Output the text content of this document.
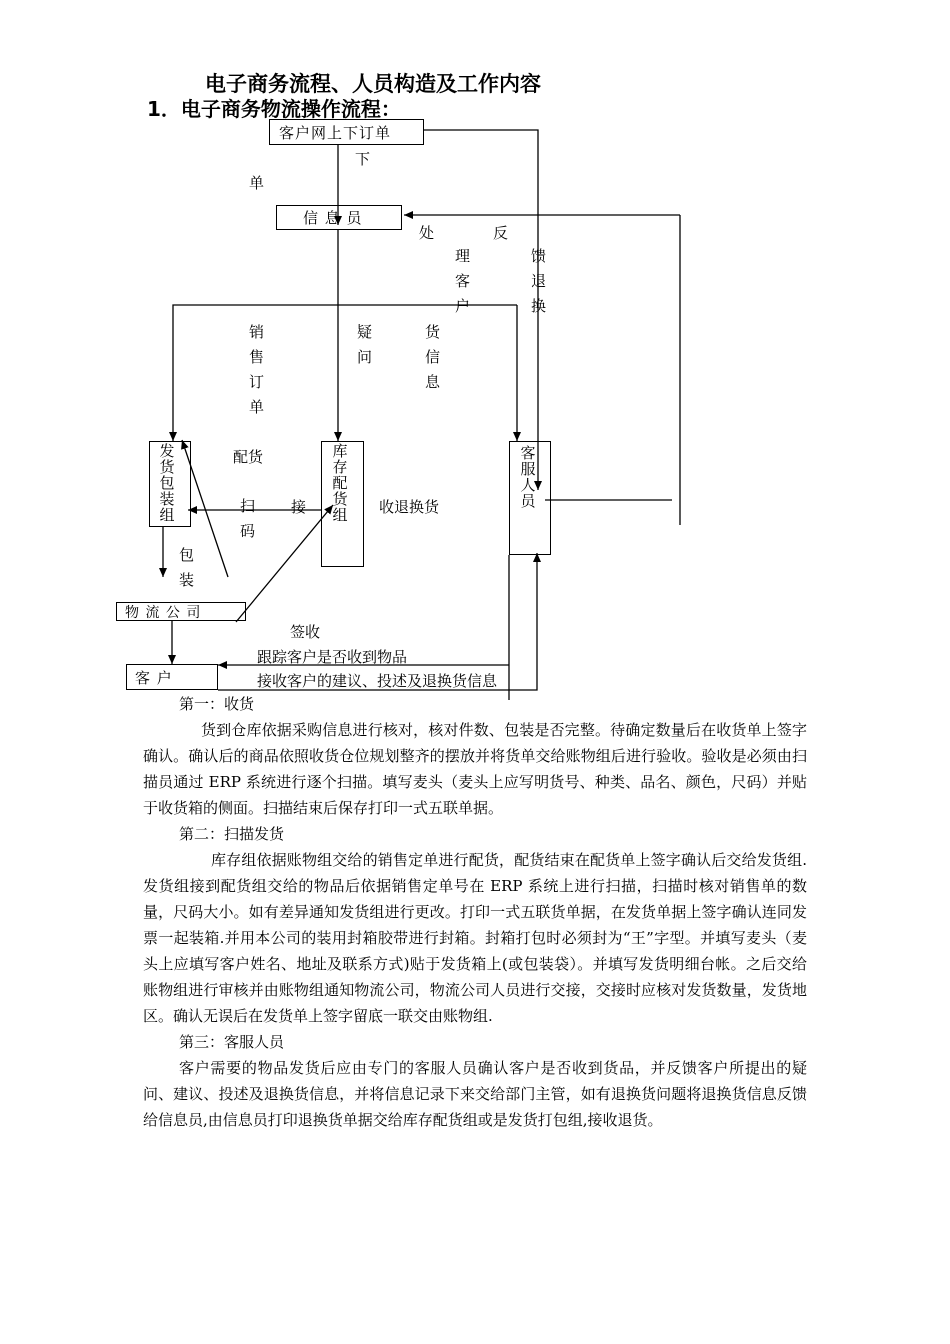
电子商务流程、人员构造及工作内容
1．电子商务物流操作流程：
客户网上下订单
信 息 员
发
货
包
装
组
库
存
配
货
组
客
服
人
员
物 流 公 司
客 户
下
单
处
理
客
户
反
馈
退
换
销
售
订
单
疑
问
货
信
息
配货
扫
码
接	收退换货
包
装
签收
跟踪客户是否收到物品
接收客户的建议、投述及退换货信息

第一：收货

货到仓库依据采购信息进行核对，核对件数、包装是否完整。待确定数量后在收货单上签字确认。确认后的商品依照收货仓位规划整齐的摆放并将货单交给账物组后进行验收。验收是必须由扫描员通过 ERP 系统进行逐个扫描。填写麦头（麦头上应写明货号、种类、品名、颜色，尺码）并贴于收货箱的侧面。扫描结束后保存打印一式五联单据。

第二：扫描发货

库存组依据账物组交给的销售定单进行配货，配货结束在配货单上签字确认后交给发货组.发货组接到配货组交给的物品后依据销售定单号在 ERP 系统上进行扫描，扫描时核对销售单的数量，尺码大小。如有差异通知发货组进行更改。打印一式五联货单据，在发货单据上签字确认连同发票一起装箱.并用本公司的装用封箱胶带进行封箱。封箱打包时必须封为“王”字型。并填写麦头（麦头上应填写客户姓名、地址及联系方式)贴于发货箱上(或包装袋）。并填写发货明细台帐。之后交给账物组进行审核并由账物组通知物流公司，物流公司人员进行交接，交接时应核对发货数量，发货地区。确认无误后在发货单上签字留底一联交由账物组.

第三：客服人员

客户需要的物品发货后应由专门的客服人员确认客户是否收到货品，并反馈客户所提出的疑问、建议、投述及退换货信息，并将信息记录下来交给部门主管，如有退换货问题将退换货信息反馈给信息员,由信息员打印退换货单据交给库存配货组或是发货打包组,接收退货。
